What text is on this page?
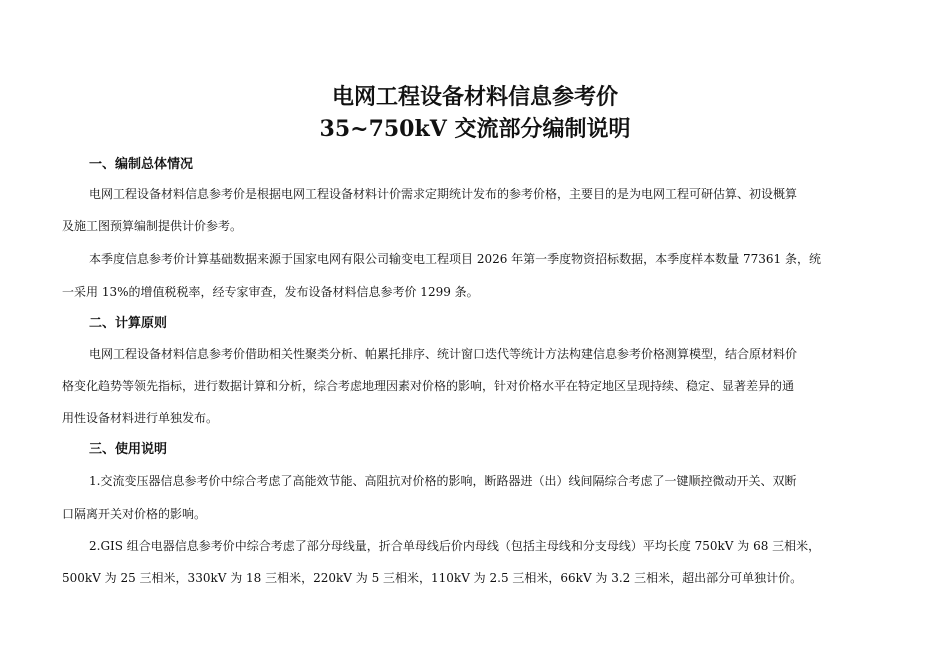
电网工程设备材料信息参考价
35~750kV 交流部分编制说明
一、编制总体情况

电网工程设备材料信息参考价是根据电网工程设备材料计价需求定期统计发布的参考价格，主要目的是为电网工程可研估算、初设概算

及施工图预算编制提供计价参考。

本季度信息参考价计算基础数据来源于国家电网有限公司输变电工程项目 2026 年第一季度物资招标数据，本季度样本数量 77361 条，统

一采用 13%的增值税税率，经专家审查，发布设备材料信息参考价 1299 条。

二、计算原则

电网工程设备材料信息参考价借助相关性聚类分析、帕累托排序、统计窗口迭代等统计方法构建信息参考价格测算模型，结合原材料价

格变化趋势等领先指标，进行数据计算和分析，综合考虑地理因素对价格的影响，针对价格水平在特定地区呈现持续、稳定、显著差异的通

用性设备材料进行单独发布。

三、使用说明

1.交流变压器信息参考价中综合考虑了高能效节能、高阻抗对价格的影响，断路器进（出）线间隔综合考虑了一键顺控微动开关、双断

口隔离开关对价格的影响。

2.GIS 组合电器信息参考价中综合考虑了部分母线量，折合单母线后价内母线（包括主母线和分支母线）平均长度 750kV 为 68 三相米，

500kV 为 25 三相米，330kV 为 18 三相米，220kV 为 5 三相米，110kV 为 2.5 三相米，66kV 为 3.2 三相米，超出部分可单独计价。
